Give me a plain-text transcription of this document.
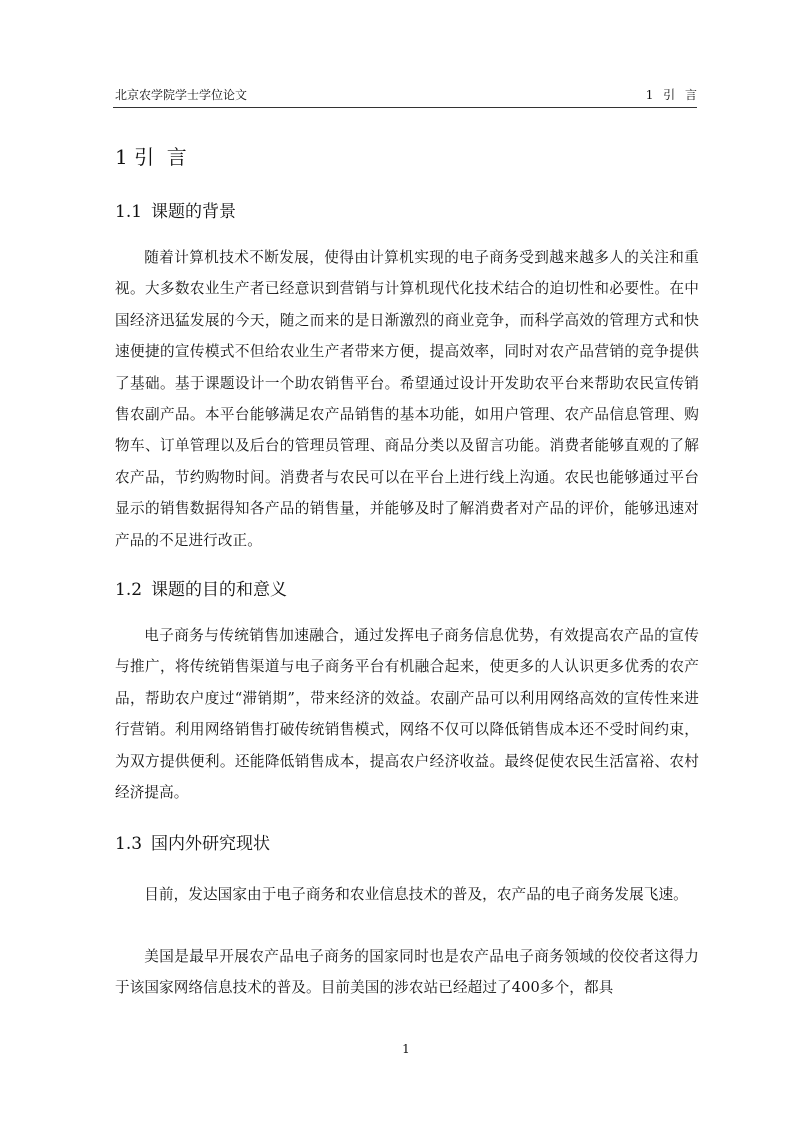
北京农学院学士学位论文	1 引 言
1 引  言
1.1 课题的背景

随着计算机技术不断发展，使得由计算机实现的电子商务受到越来越多人的关注和重视。大多数农业生产者已经意识到营销与计算机现代化技术结合的迫切性和必要性。在中国经济迅猛发展的今天，随之而来的是日渐激烈的商业竞争，而科学高效的管理方式和快速便捷的宣传模式不但给农业生产者带来方便，提高效率，同时对农产品营销的竞争提供了基础。基于课题设计一个助农销售平台。希望通过设计开发助农平台来帮助农民宣传销售农副产品。本平台能够满足农产品销售的基本功能，如用户管理、农产品信息管理、购物车、订单管理以及后台的管理员管理、商品分类以及留言功能。消费者能够直观的了解农产品，节约购物时间。消费者与农民可以在平台上进行线上沟通。农民也能够通过平台显示的销售数据得知各产品的销售量，并能够及时了解消费者对产品的评价，能够迅速对产品的不足进行改正。

1.2 课题的目的和意义

电子商务与传统销售加速融合，通过发挥电子商务信息优势，有效提高农产品的宣传与推广，将传统销售渠道与电子商务平台有机融合起来，使更多的人认识更多优秀的农产品，帮助农户度过“滞销期”，带来经济的效益。农副产品可以利用网络高效的宣传性来进行营销。利用网络销售打破传统销售模式，网络不仅可以降低销售成本还不受时间约束，为双方提供便利。还能降低销售成本，提高农户经济收益。最终促使农民生活富裕、农村经济提高。

1.3 国内外研究现状

目前，发达国家由于电子商务和农业信息技术的普及，农产品的电子商务发展飞速。

美国是最早开展农产品电子商务的国家同时也是农产品电子商务领域的佼佼者这得力于该国家网络信息技术的普及。目前美国的涉农站已经超过了400多个，都具

1
